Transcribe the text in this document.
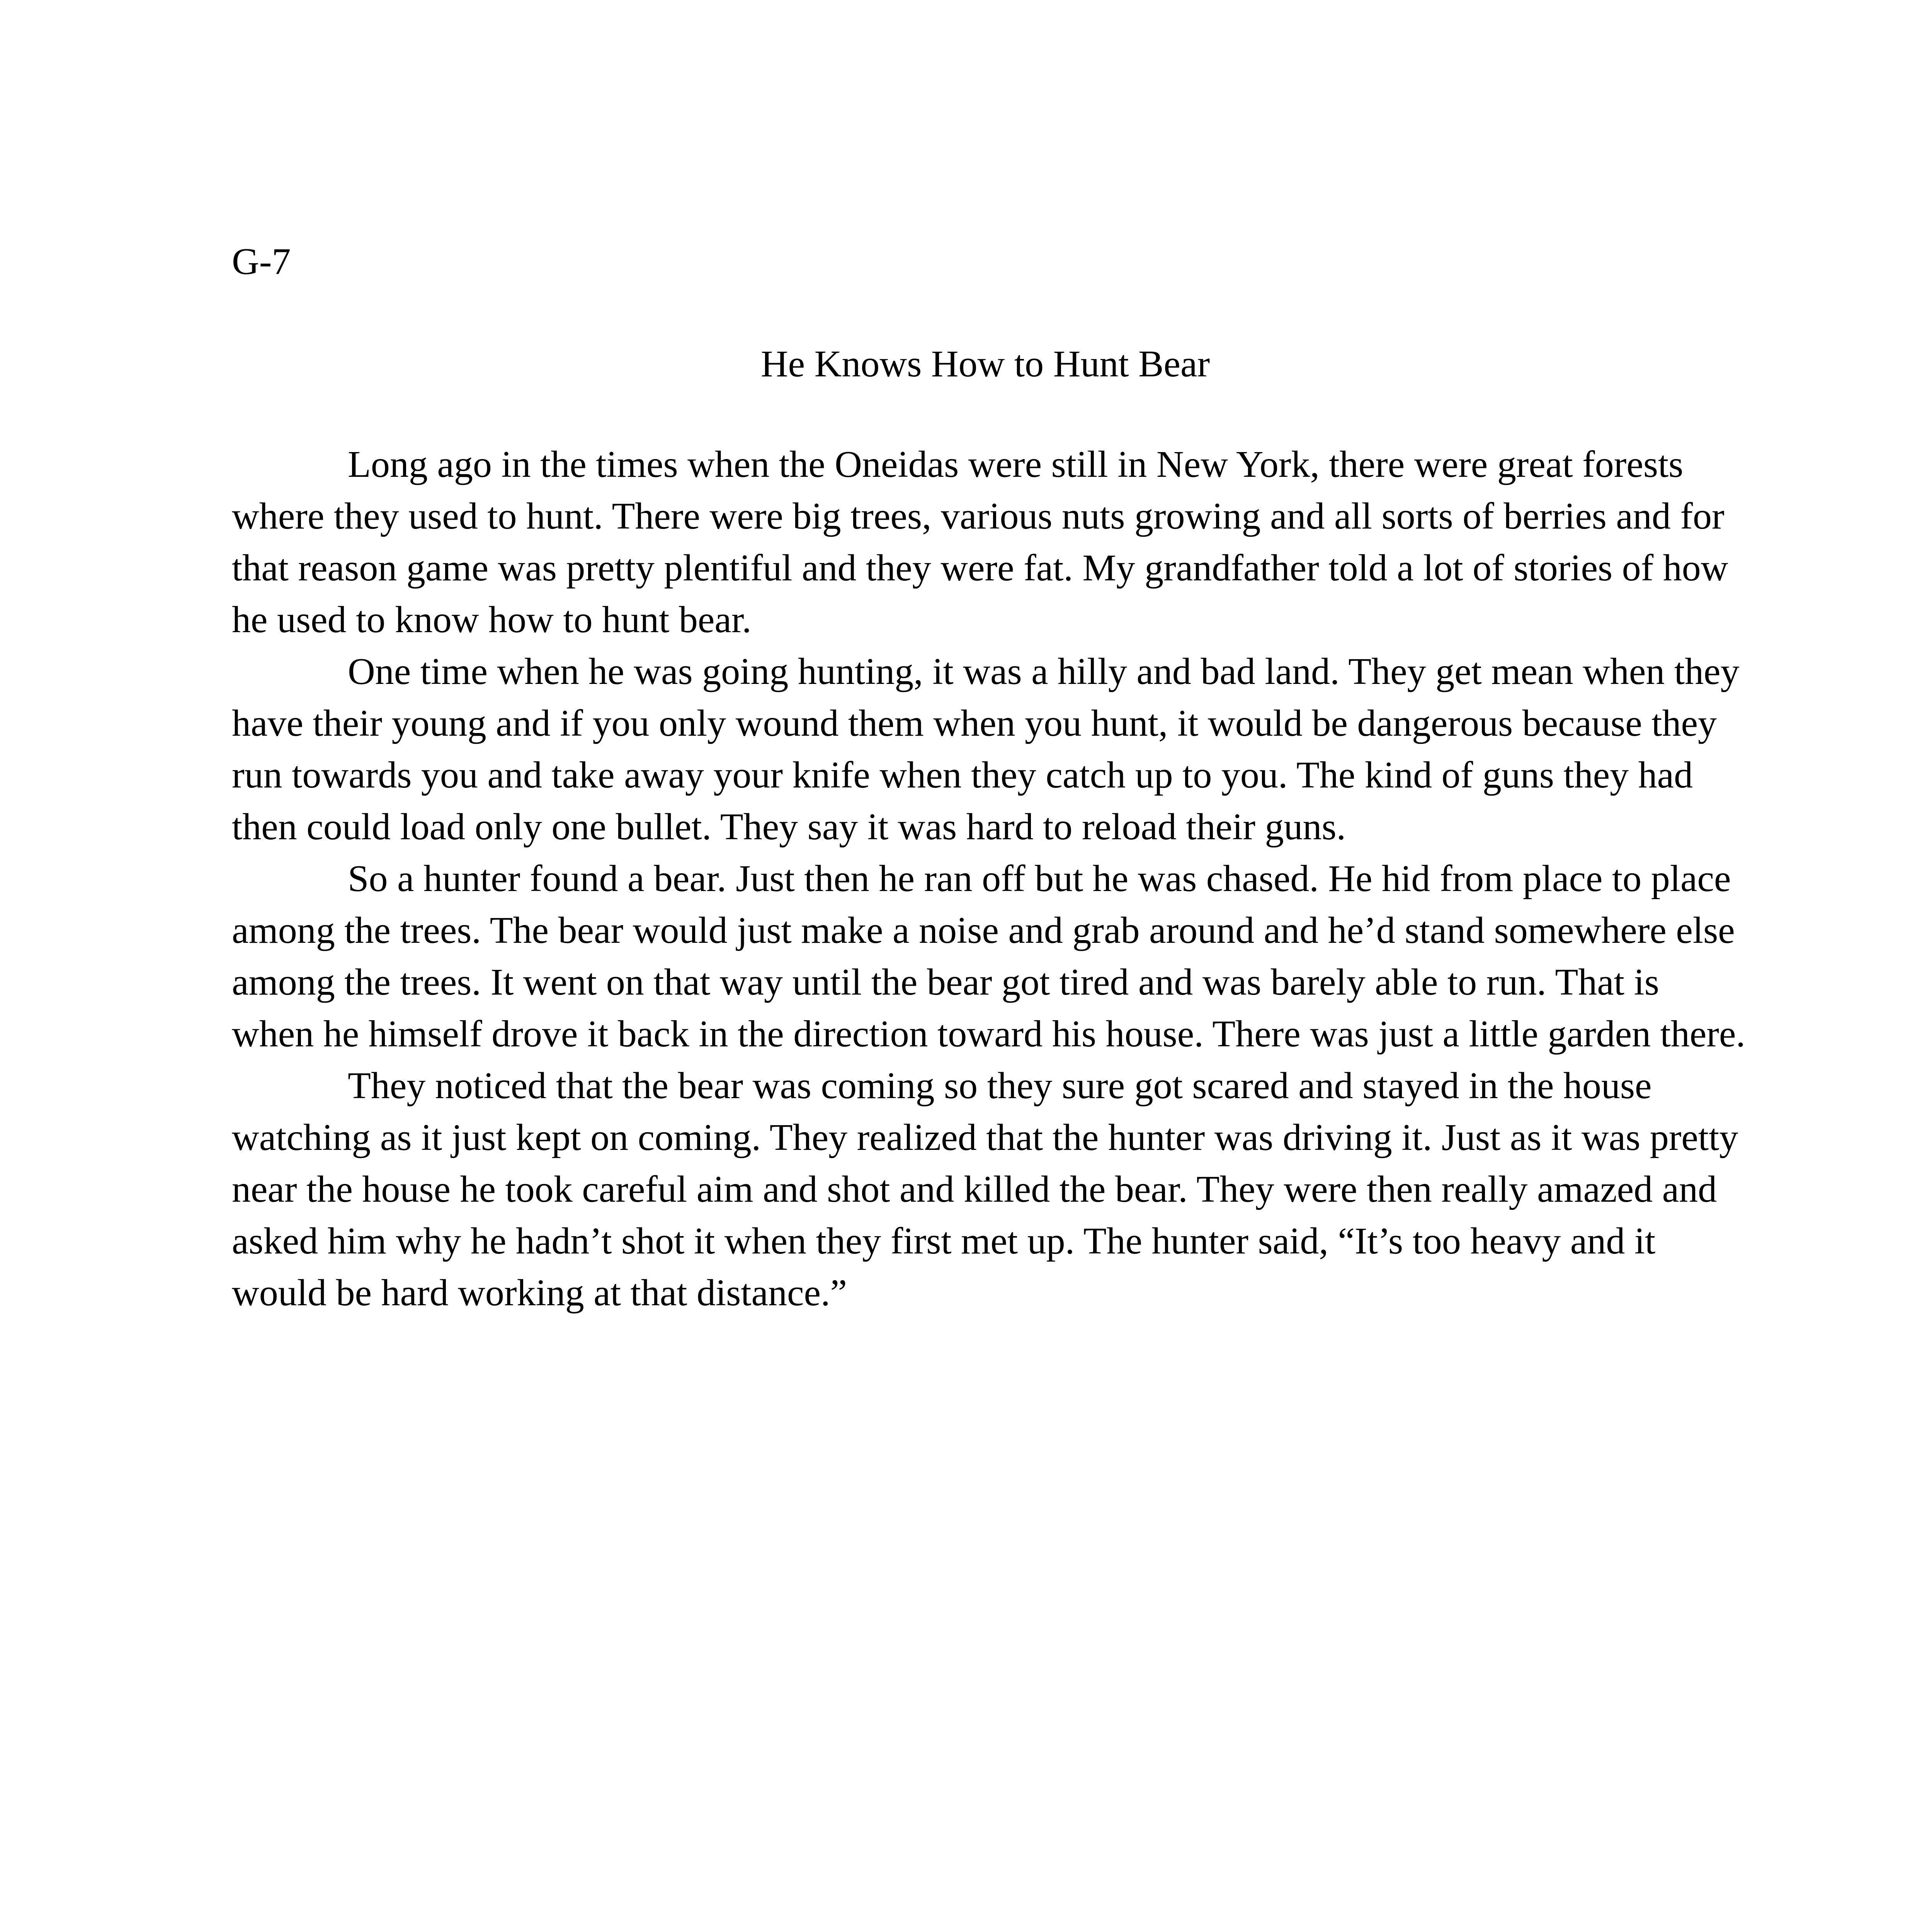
G-7

He Knows How to Hunt Bear

Long ago in the times when the Oneidas were still in New York, there were great forests where they used to hunt. There were big trees, various nuts growing and all sorts of berries and for that reason game was pretty plentiful and they were fat. My grandfather told a lot of stories of how he used to know how to hunt bear.

One time when he was going hunting, it was a hilly and bad land. They get mean when they have their young and if you only wound them when you hunt, it would be dangerous because they run towards you and take away your knife when they catch up to you. The kind of guns they had then could load only one bullet. They say it was hard to reload their guns.

So a hunter found a bear. Just then he ran off but he was chased. He hid from place to place among the trees. The bear would just make a noise and grab around and he’d stand somewhere else among the trees. It went on that way until the bear got tired and was barely able to run. That is when he himself drove it back in the direction toward his house. There was just a little garden there.

They noticed that the bear was coming so they sure got scared and stayed in the house watching as it just kept on coming. They realized that the hunter was driving it. Just as it was pretty near the house he took careful aim and shot and killed the bear. They were then really amazed and asked him why he hadn’t shot it when they first met up. The hunter said, “It’s too heavy and it would be hard working at that distance.”
